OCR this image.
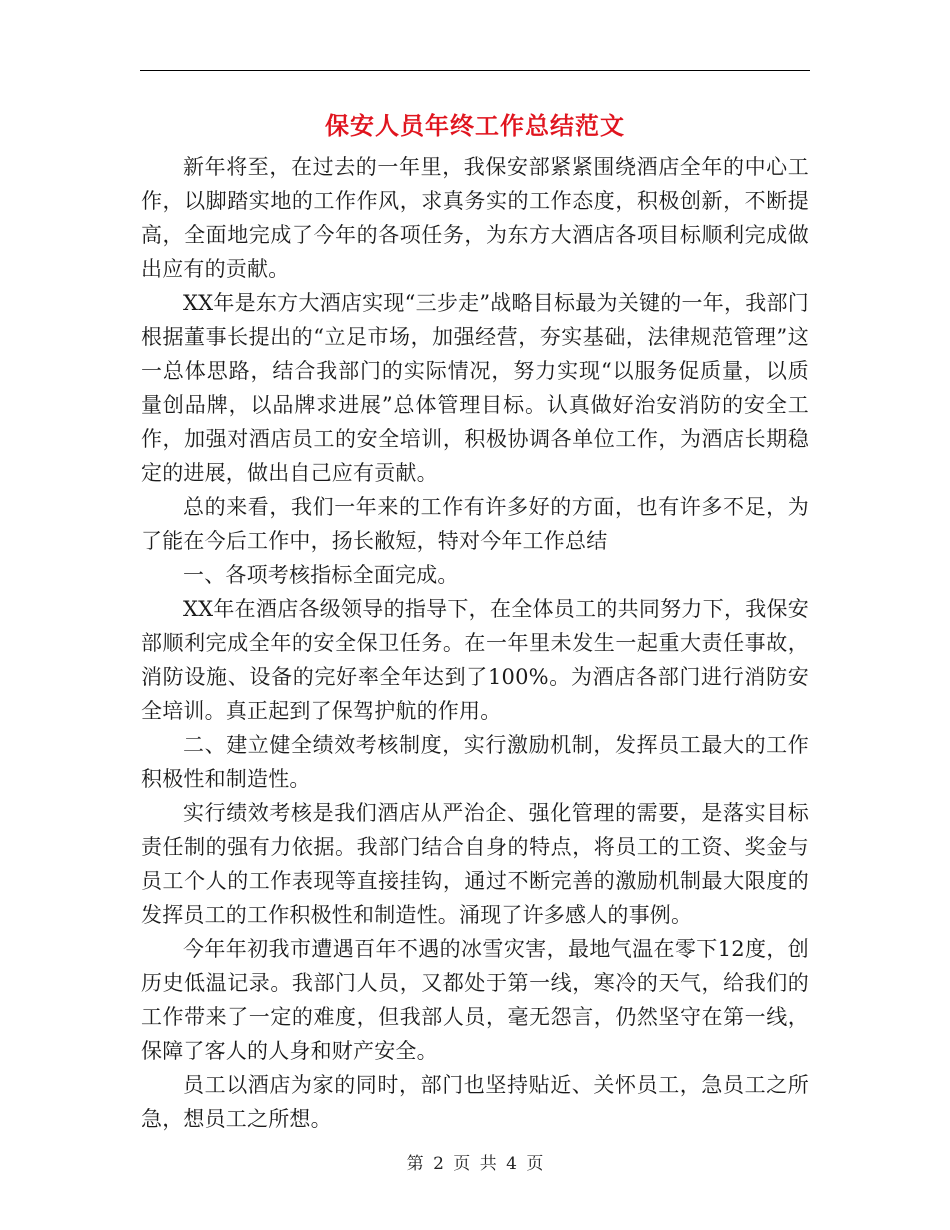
保安人员年终工作总结范文

新年将至，在过去的一年里，我保安部紧紧围绕酒店全年的中心工作，以脚踏实地的工作作风，求真务实的工作态度，积极创新，不断提高，全面地完成了今年的各项任务，为东方大酒店各项目标顺利完成做出应有的贡献。

XX年是东方大酒店实现“三步走”战略目标最为关键的一年，我部门根据董事长提出的“立足市场，加强经营，夯实基础，法律规范管理”这一总体思路，结合我部门的实际情况，努力实现“以服务促质量，以质量创品牌，以品牌求进展”总体管理目标。认真做好治安消防的安全工作，加强对酒店员工的安全培训，积极协调各单位工作，为酒店长期稳定的进展，做出自己应有贡献。

总的来看，我们一年来的工作有许多好的方面，也有许多不足，为了能在今后工作中，扬长敝短，特对今年工作总结

一、各项考核指标全面完成。

XX年在酒店各级领导的指导下，在全体员工的共同努力下，我保安部顺利完成全年的安全保卫任务。在一年里未发生一起重大责任事故，消防设施、设备的完好率全年达到了100%。为酒店各部门进行消防安全培训。真正起到了保驾护航的作用。

二、建立健全绩效考核制度，实行激励机制，发挥员工最大的工作积极性和制造性。

实行绩效考核是我们酒店从严治企、强化管理的需要，是落实目标责任制的强有力依据。我部门结合自身的特点，将员工的工资、奖金与员工个人的工作表现等直接挂钩，通过不断完善的激励机制最大限度的发挥员工的工作积极性和制造性。涌现了许多感人的事例。

今年年初我市遭遇百年不遇的冰雪灾害，最地气温在零下12度，创历史低温记录。我部门人员，又都处于第一线，寒冷的天气，给我们的工作带来了一定的难度，但我部人员，毫无怨言，仍然坚守在第一线，保障了客人的人身和财产安全。

员工以酒店为家的同时，部门也坚持贴近、关怀员工，急员工之所急，想员工之所想。

第 2 页 共 4 页
